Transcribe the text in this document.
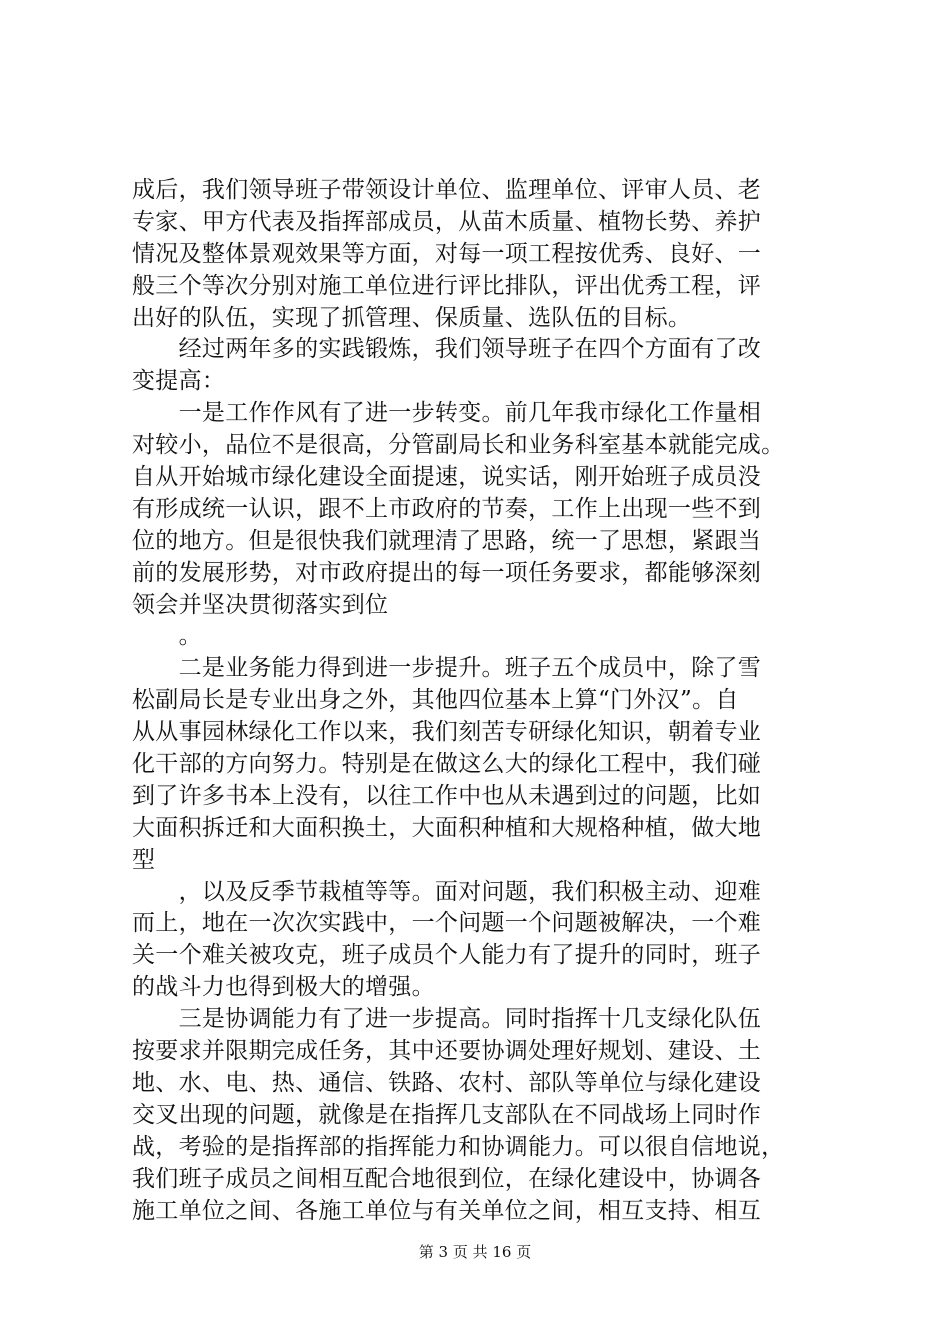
成后，我们领导班子带领设计单位、监理单位、评审人员、老
专家、甲方代表及指挥部成员，从苗木质量、植物长势、养护
情况及整体景观效果等方面，对每一项工程按优秀、良好、一
般三个等次分别对施工单位进行评比排队，评出优秀工程，评
出好的队伍，实现了抓管理、保质量、选队伍的目标。
　　经过两年多的实践锻炼，我们领导班子在四个方面有了改
变提高：
　　一是工作作风有了进一步转变。前几年我市绿化工作量相
对较小，品位不是很高，分管副局长和业务科室基本就能完成。
自从开始城市绿化建设全面提速，说实话，刚开始班子成员没
有形成统一认识，跟不上市政府的节奏，工作上出现一些不到
位的地方。但是很快我们就理清了思路，统一了思想，紧跟当
前的发展形势，对市政府提出的每一项任务要求，都能够深刻
领会并坚决贯彻落实到位
　　。
　　二是业务能力得到进一步提升。班子五个成员中，除了雪
松副局长是专业出身之外，其他四位基本上算“门外汉”。自
从从事园林绿化工作以来，我们刻苦专研绿化知识，朝着专业
化干部的方向努力。特别是在做这么大的绿化工程中，我们碰
到了许多书本上没有，以往工作中也从未遇到过的问题，比如
大面积拆迁和大面积换土，大面积种植和大规格种植，做大地
型
　　，以及反季节栽植等等。面对问题，我们积极主动、迎难
而上，地在一次次实践中，一个问题一个问题被解决，一个难
关一个难关被攻克，班子成员个人能力有了提升的同时，班子
的战斗力也得到极大的增强。
　　三是协调能力有了进一步提高。同时指挥十几支绿化队伍
按要求并限期完成任务，其中还要协调处理好规划、建设、土
地、水、电、热、通信、铁路、农村、部队等单位与绿化建设
交叉出现的问题，就像是在指挥几支部队在不同战场上同时作
战，考验的是指挥部的指挥能力和协调能力。可以很自信地说，
我们班子成员之间相互配合地很到位，在绿化建设中，协调各
施工单位之间、各施工单位与有关单位之间，相互支持、相互
第 3 页 共 16 页
